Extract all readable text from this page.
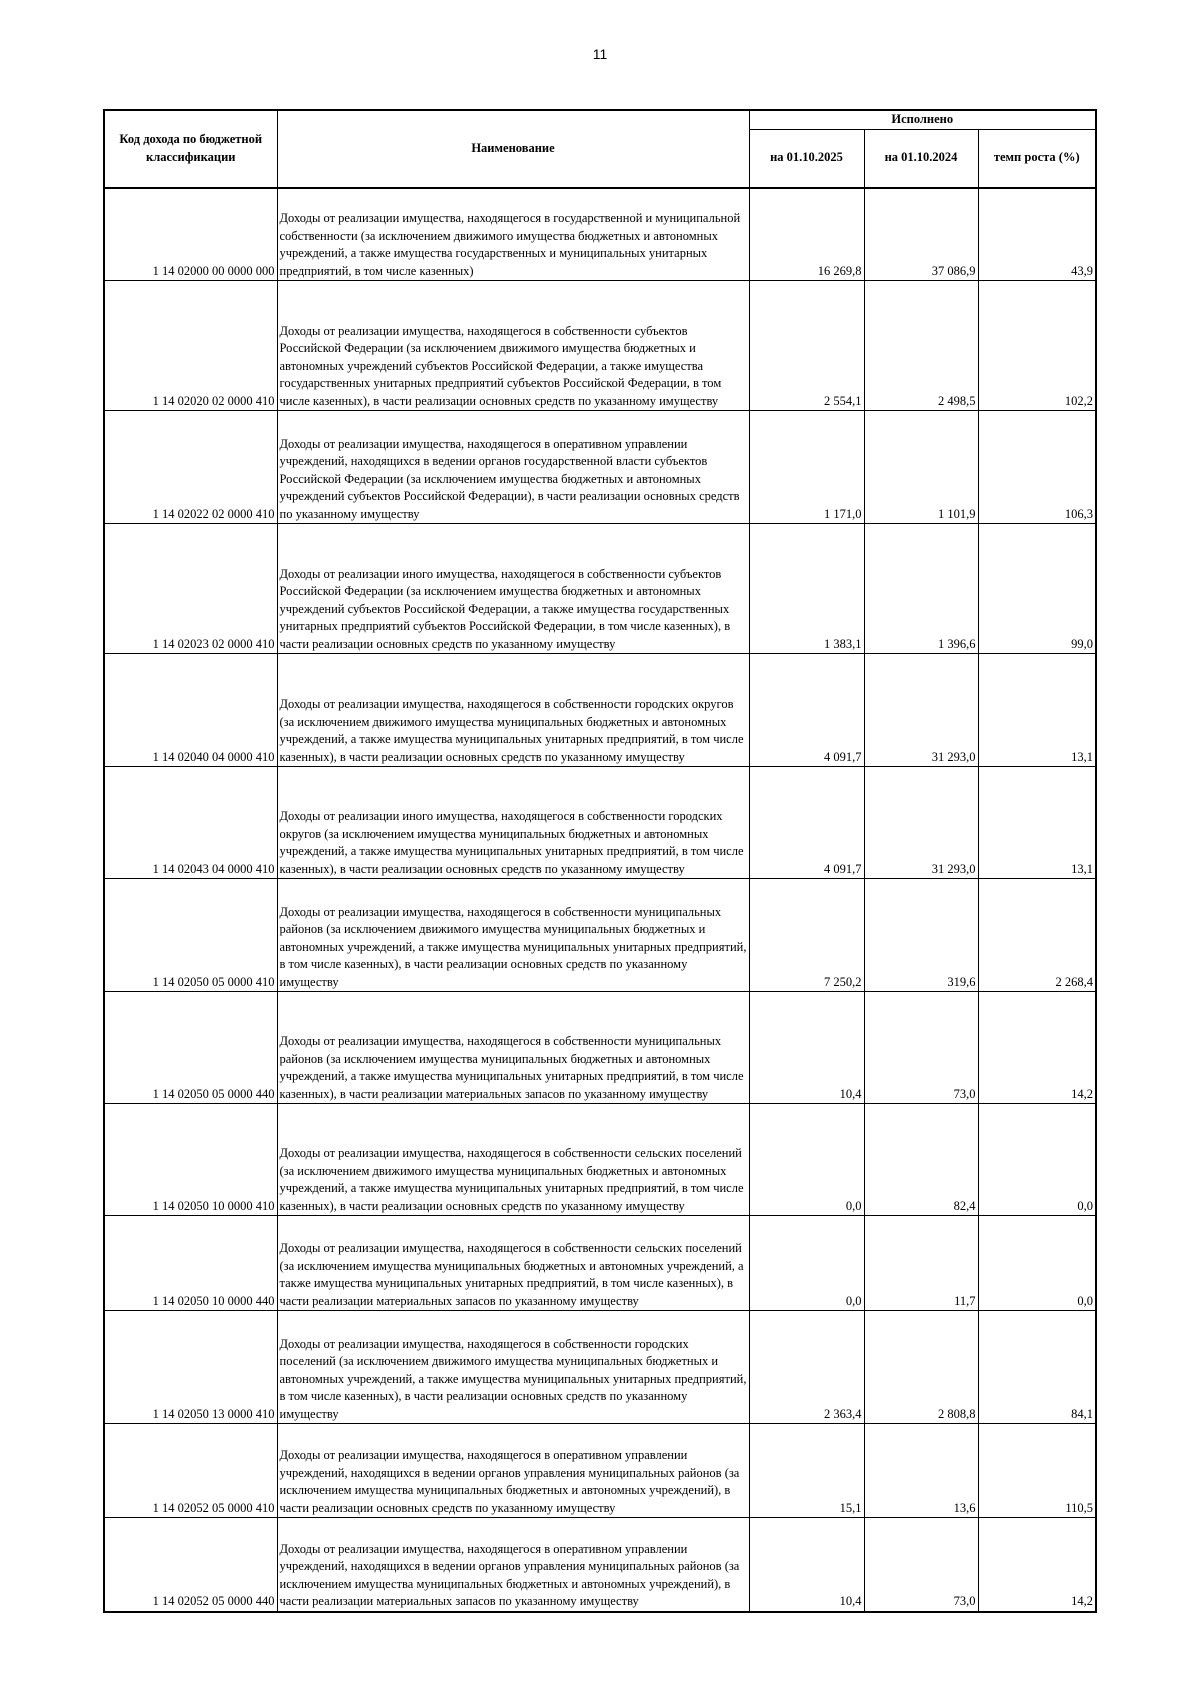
11
Код дохода по бюджетной классификации	Наименование	Исполнено		
		на 01.10.2025	на 01.10.2024	темп роста (%)
1 14 02000 00 0000 000	Доходы от реализации имущества, находящегося в государственной и муниципальной собственности (за исключением движимого имущества бюджетных и автономных учреждений, а также имущества государственных и муниципальных унитарных предприятий, в том числе казенных)	16 269,8	37 086,9	43,9
1 14 02020 02 0000 410	Доходы от реализации имущества, находящегося в собственности субъектов Российской Федерации (за исключением движимого имущества бюджетных и автономных учреждений субъектов Российской Федерации, а также имущества государственных унитарных предприятий субъектов Российской Федерации, в том числе казенных), в части реализации основных средств по указанному имуществу	2 554,1	2 498,5	102,2
1 14 02022 02 0000 410	Доходы от реализации имущества, находящегося в оперативном управлении учреждений, находящихся в ведении органов государственной власти субъектов Российской Федерации (за исключением имущества бюджетных и автономных учреждений субъектов Российской Федерации), в части реализации основных средств по указанному имуществу	1 171,0	1 101,9	106,3
1 14 02023 02 0000 410	Доходы от реализации иного имущества, находящегося в собственности субъектов Российской Федерации (за исключением имущества бюджетных и автономных учреждений субъектов Российской Федерации, а также имущества государственных унитарных предприятий субъектов Российской Федерации, в том числе казенных), в части реализации основных средств по указанному имуществу	1 383,1	1 396,6	99,0
1 14 02040 04 0000 410	Доходы от реализации имущества, находящегося в собственности городских округов (за исключением движимого имущества муниципальных бюджетных и автономных учреждений, а также имущества муниципальных унитарных предприятий, в том числе казенных), в части реализации основных средств по указанному имуществу	4 091,7	31 293,0	13,1
1 14 02043 04 0000 410	Доходы от реализации иного имущества, находящегося в собственности городских округов (за исключением имущества муниципальных бюджетных и автономных учреждений, а также имущества муниципальных унитарных предприятий, в том числе казенных), в части реализации основных средств по указанному имуществу	4 091,7	31 293,0	13,1
1 14 02050 05 0000 410	Доходы от реализации имущества, находящегося в собственности муниципальных районов (за исключением движимого имущества муниципальных бюджетных и автономных учреждений, а также имущества муниципальных унитарных предприятий, в том числе казенных), в части реализации основных средств по указанному имуществу	7 250,2	319,6	2 268,4
1 14 02050 05 0000 440	Доходы от реализации имущества, находящегося в собственности муниципальных районов (за исключением имущества муниципальных бюджетных и автономных учреждений, а также имущества муниципальных унитарных предприятий, в том числе казенных), в части реализации материальных запасов по указанному имуществу	10,4	73,0	14,2
1 14 02050 10 0000 410	Доходы от реализации имущества, находящегося в собственности сельских поселений (за исключением движимого имущества муниципальных бюджетных и автономных учреждений, а также имущества муниципальных унитарных предприятий, в том числе казенных), в части реализации основных средств по указанному имуществу	0,0	82,4	0,0
1 14 02050 10 0000 440	Доходы от реализации имущества, находящегося в собственности сельских поселений (за исключением имущества муниципальных бюджетных и автономных учреждений, а также имущества муниципальных унитарных предприятий, в том числе казенных), в части реализации материальных запасов по указанному имуществу	0,0	11,7	0,0
1 14 02050 13 0000 410	Доходы от реализации имущества, находящегося в собственности городских поселений (за исключением движимого имущества муниципальных бюджетных и автономных учреждений, а также имущества муниципальных унитарных предприятий, в том числе казенных), в части реализации основных средств по указанному имуществу	2 363,4	2 808,8	84,1
1 14 02052 05 0000 410	Доходы от реализации имущества, находящегося в оперативном управлении учреждений, находящихся в ведении органов управления муниципальных районов (за исключением имущества муниципальных бюджетных и автономных учреждений), в части реализации основных средств по указанному имуществу	15,1	13,6	110,5
1 14 02052 05 0000 440	Доходы от реализации имущества, находящегося в оперативном управлении учреждений, находящихся в ведении органов управления муниципальных районов (за исключением имущества муниципальных бюджетных и автономных учреждений), в части реализации материальных запасов по указанному имуществу	10,4	73,0	14,2
